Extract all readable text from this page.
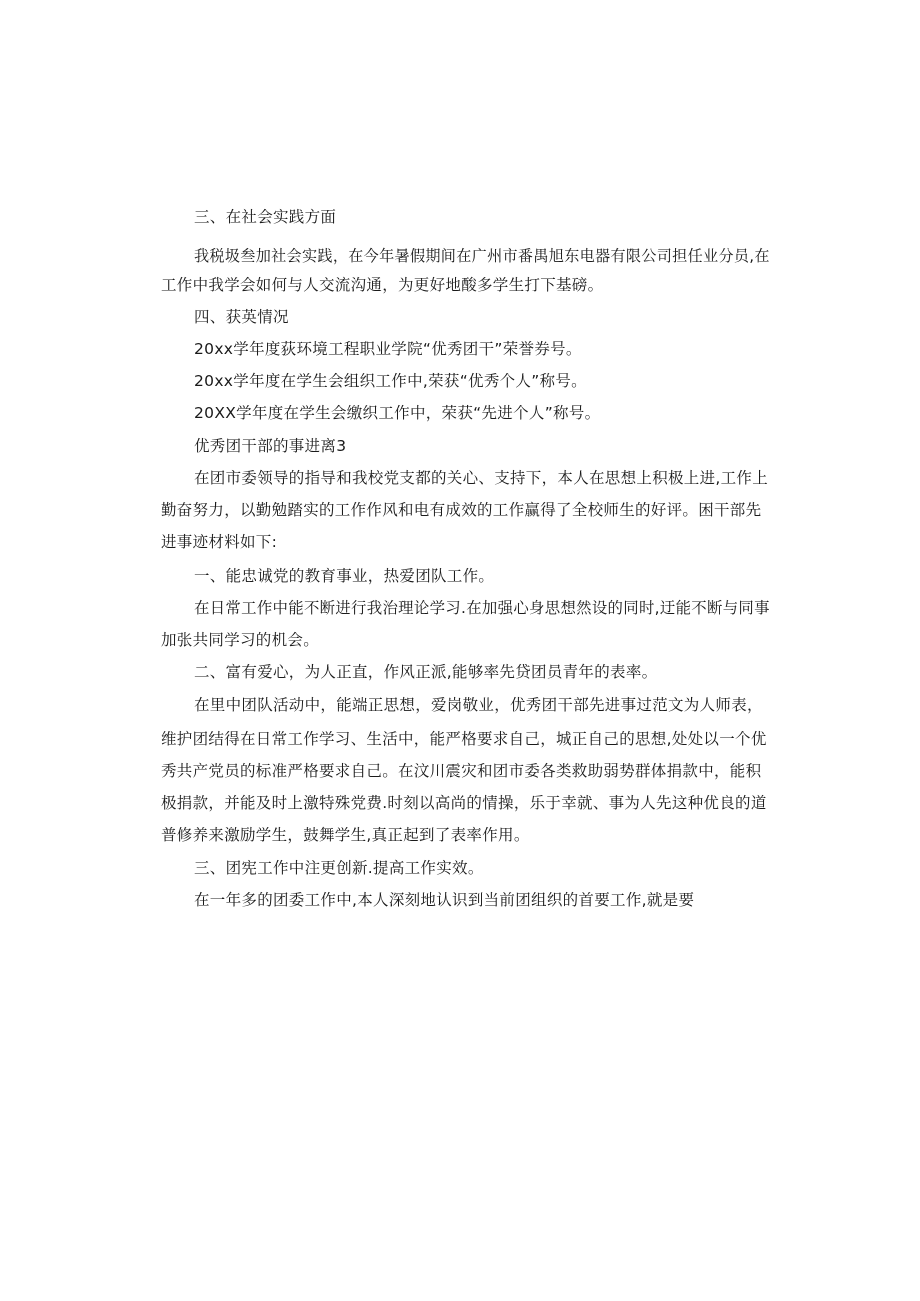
三、在社会实践方面
我税圾叁加社会实践，在今年暑假期间在广州市番禺旭东电器有限公司担任业分员,在
工作中我学会如何与人交流沟通，为更好地酸多学生打下基磅。
四、获英情况
20xx学年度荻环境工程职业学院“优秀团干”荣誉券号。
20xx学年度在学生会组织工作中,荣获“优秀个人”称号。
20XX学年度在学生会缴织工作中，荣获“先进个人”称号。
优秀团干部的事进离3
在团市委领导的指导和我校党支都的关心、支持下，本人在思想上积极上进,工作上
勤奋努力，以勤勉踏实的工作作风和电有成效的工作赢得了全校师生的好评。困干部先
进事迹材料如下:
一、能忠诚党的教育事业，热爱团队工作。
在日常工作中能不断进行我治理论学习.在加强心身思想然设的同时,迂能不断与同事
加张共同学习的机会。
二、富有爱心，为人正直，作风正派,能够率先贷团员青年的表率。
在里中团队活动中，能端正思想，爱岗敬业，优秀团干部先进事过范文为人师表，
维护团结得在日常工作学习、生活中，能严格要求自己，城正自己的思想,处处以一个优
秀共产党员的标准严格要求自己。在汶川震灾和团市委各类救助弱势群体捐款中，能积
极捐款，并能及时上激特殊党费.时刻以高尚的情操，乐于幸就、事为人先这种优良的道
普修养来激励学生，鼓舞学生,真正起到了表率作用。
三、团宪工作中注更创新.提高工作实效。
在一年多的团委工作中,本人深刻地认识到当前团组织的首要工作,就是要
